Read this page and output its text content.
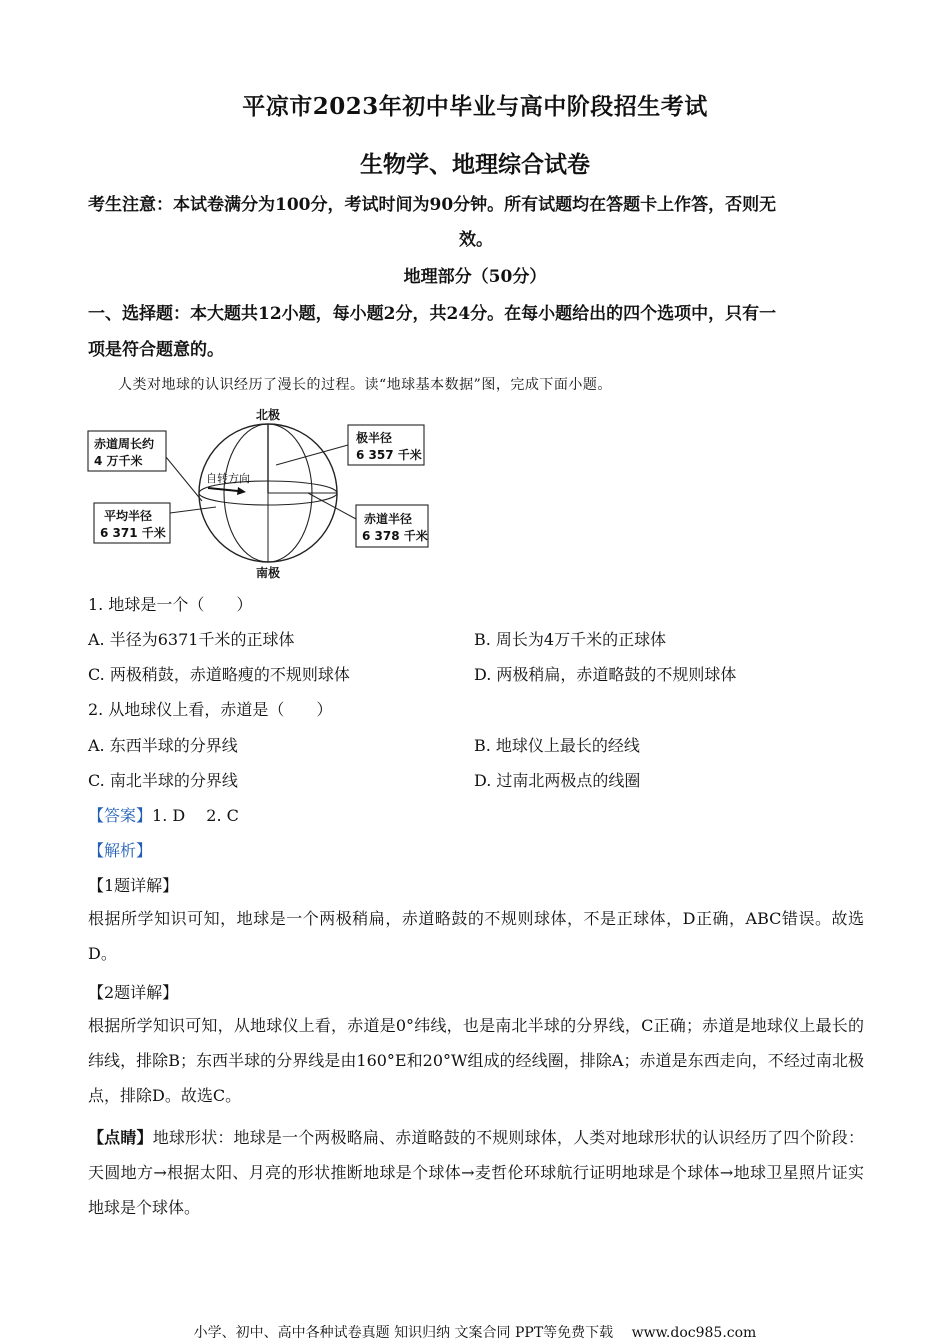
平凉市2023年初中毕业与高中阶段招生考试
生物学、地理综合试卷
考生注意：本试卷满分为100分，考试时间为90分钟。所有试题均在答题卡上作答，否则无
效。
地理部分（50分）
一、选择题：本大题共12小题，每小题2分，共24分。在每小题给出的四个选项中，只有一
项是符合题意的。
人类对地球的认识经历了漫长的过程。读“地球基本数据”图，完成下面小题。
北极
南极
自转方向
赤道周长约
4 万千米
极半径
6 357 千米
平均半径
6 371 千米
赤道半径
6 378 千米
1. 地球是一个（　　）
A. 半径为6371千米的正球体	B. 周长为4万千米的正球体
C. 两极稍鼓，赤道略瘦的不规则球体	D. 两极稍扁，赤道略鼓的不规则球体
2. 从地球仪上看，赤道是（　　）
A. 东西半球的分界线	B. 地球仪上最长的经线
C. 南北半球的分界线	D. 过南北两极点的线圈
【答案】1. D　 2. C
【解析】
【1题详解】
根据所学知识可知，地球是一个两极稍扁，赤道略鼓的不规则球体，不是正球体，D正确，ABC错误。故选D。
【2题详解】
根据所学知识可知，从地球仪上看，赤道是0°纬线，也是南北半球的分界线，C正确；赤道是地球仪上最长的纬线，排除B；东西半球的分界线是由160°E和20°W组成的经线圈，排除A；赤道是东西走向，不经过南北极点，排除D。故选C。
【点睛】地球形状：地球是一个两极略扁、赤道略鼓的不规则球体，人类对地球形状的认识经历了四个阶段：天圆地方→根据太阳、月亮的形状推断地球是个球体→麦哲伦环球航行证明地球是个球体→地球卫星照片证实地球是个球体。
小学、初中、高中各种试卷真题 知识归纳 文案合同 PPT等免费下载　 www.doc985.com
